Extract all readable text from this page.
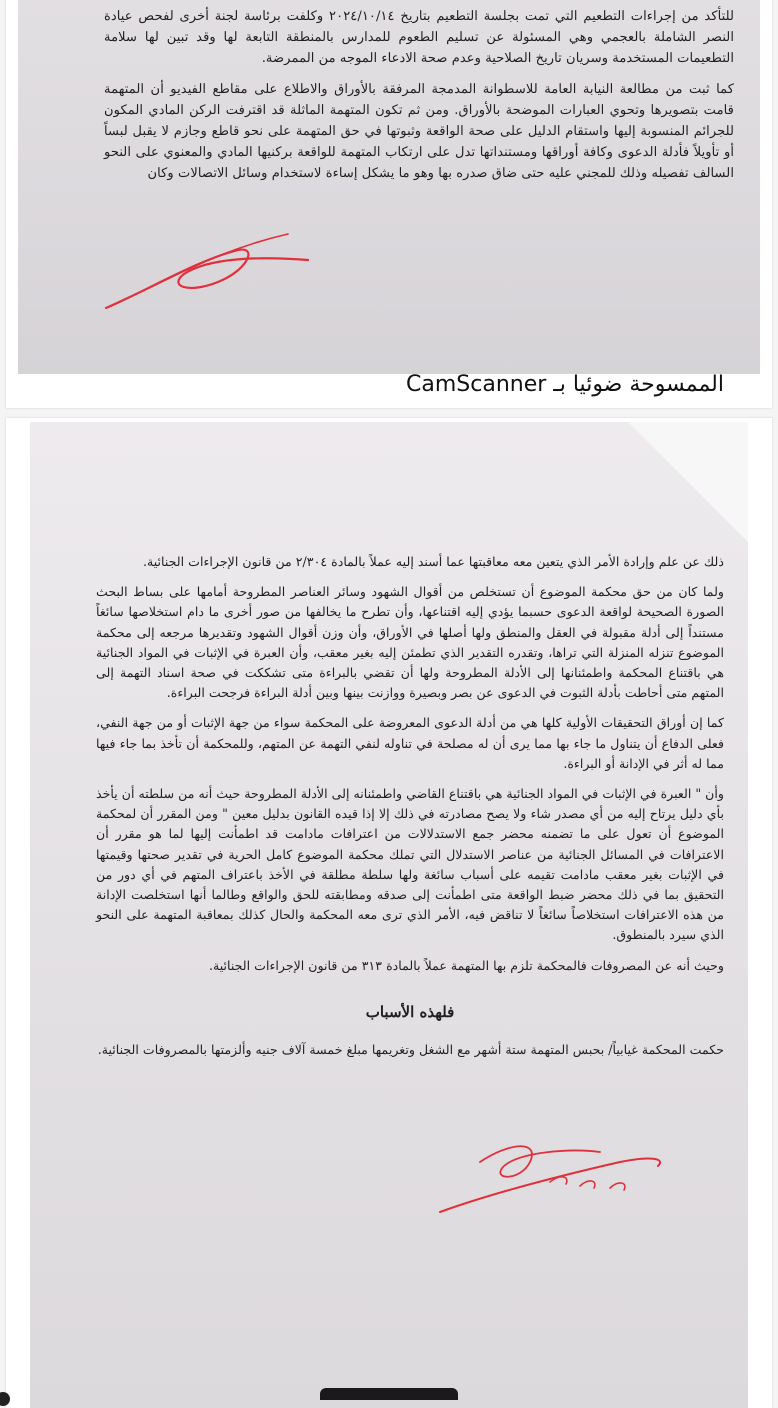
للتأكد من إجراءات التطعيم التي تمت بجلسة التطعيم بتاريخ ٢٠٢٤/١٠/١٤ وكلفت برئاسة لجنة أخرى لفحص عيادة النصر الشاملة بالعجمي وهي المسئولة عن تسليم الطعوم للمدارس بالمنطقة التابعة لها وقد تبين لها سلامة التطعيمات المستخدمة وسريان تاريخ الصلاحية وعدم صحة الادعاء الموجه من الممرضة.

كما ثبت من مطالعة النيابة العامة للاسطوانة المدمجة المرفقة بالأوراق والاطلاع على مقاطع الفيديو أن المتهمة قامت بتصويرها وتحوي العبارات الموضحة بالأوراق. ومن ثم تكون المتهمة الماثلة قد اقترفت الركن المادي المكون للجرائم المنسوبة إليها واستقام الدليل على صحة الواقعة وثبوتها في حق المتهمة على نحو قاطع وجازم لا يقبل لبساً أو تأويلاً فأدلة الدعوى وكافة أوراقها ومستنداتها تدل على ارتكاب المتهمة للواقعة بركنيها المادي والمعنوي على النحو السالف تفصيله وذلك للمجني عليه حتى ضاق صدره بها وهو ما يشكل إساءة لاستخدام وسائل الاتصالات وكان

الممسوحة ضوئيا بـ CamScanner

ذلك عن علم وإرادة الأمر الذي يتعين معه معاقبتها عما أسند إليه عملاً بالمادة ٢/٣٠٤ من قانون الإجراءات الجنائية.

ولما كان من حق محكمة الموضوع أن تستخلص من أقوال الشهود وسائر العناصر المطروحة أمامها على بساط البحث الصورة الصحيحة لواقعة الدعوى حسبما يؤدي إليه اقتناعها، وأن تطرح ما يخالفها من صور أخرى ما دام استخلاصها سائغاً مستنداً إلى أدلة مقبولة في العقل والمنطق ولها أصلها في الأوراق، وأن وزن أقوال الشهود وتقديرها مرجعه إلى محكمة الموضوع تنزله المنزلة التي تراها، وتقدره التقدير الذي تطمئن إليه بغير معقب، وأن العبرة في الإثبات في المواد الجنائية هي باقتناع المحكمة واطمئنانها إلى الأدلة المطروحة ولها أن تقضي بالبراءة متى تشككت في صحة اسناد التهمة إلى المتهم متى أحاطت بأدلة الثبوت في الدعوى عن بصر وبصيرة ووازنت بينها وبين أدلة البراءة فرجحت البراءة.

كما إن أوراق التحقيقات الأولية كلها هي من أدلة الدعوى المعروضة على المحكمة سواء من جهة الإثبات أو من جهة النفي، فعلى الدفاع أن يتناول ما جاء بها مما يرى أن له مصلحة في تناوله لنفي التهمة عن المتهم، وللمحكمة أن تأخذ بما جاء فيها مما له أثر في الإدانة أو البراءة.

وأن " العبرة في الإثبات في المواد الجنائية هي باقتناع القاضي واطمئنانه إلى الأدلة المطروحة حيث أنه من سلطته أن يأخذ بأي دليل يرتاح إليه من أي مصدر شاء ولا يصح مصادرته في ذلك إلا إذا قيده القانون بدليل معين " ومن المقرر أن لمحكمة الموضوع أن تعول على ما تضمنه محضر جمع الاستدلالات من اعترافات مادامت قد اطمأنت إليها لما هو مقرر أن الاعترافات في المسائل الجنائية من عناصر الاستدلال التي تملك محكمة الموضوع كامل الحرية في تقدير صحتها وقيمتها في الإثبات بغير معقب مادامت تقيمه على أسباب سائغة ولها سلطة مطلقة في الأخذ باعتراف المتهم في أي دور من التحقيق بما في ذلك محضر ضبط الواقعة متى اطمأنت إلى صدقه ومطابقته للحق والواقع وطالما أنها استخلصت الإدانة من هذه الاعترافات استخلاصاً سائغاً لا تناقض فيه، الأمر الذي ترى معه المحكمة والحال كذلك بمعاقبة المتهمة على النحو الذي سيرد بالمنطوق.

وحيث أنه عن المصروفات فالمحكمة تلزم بها المتهمة عملاً بالمادة ٣١٣ من قانون الإجراءات الجنائية.

فلهذه الأسباب

حكمت المحكمة غيابياً/ بحبس المتهمة ستة أشهر مع الشغل وتغريمها مبلغ خمسة آلاف جنيه وألزمتها بالمصروفات الجنائية.
